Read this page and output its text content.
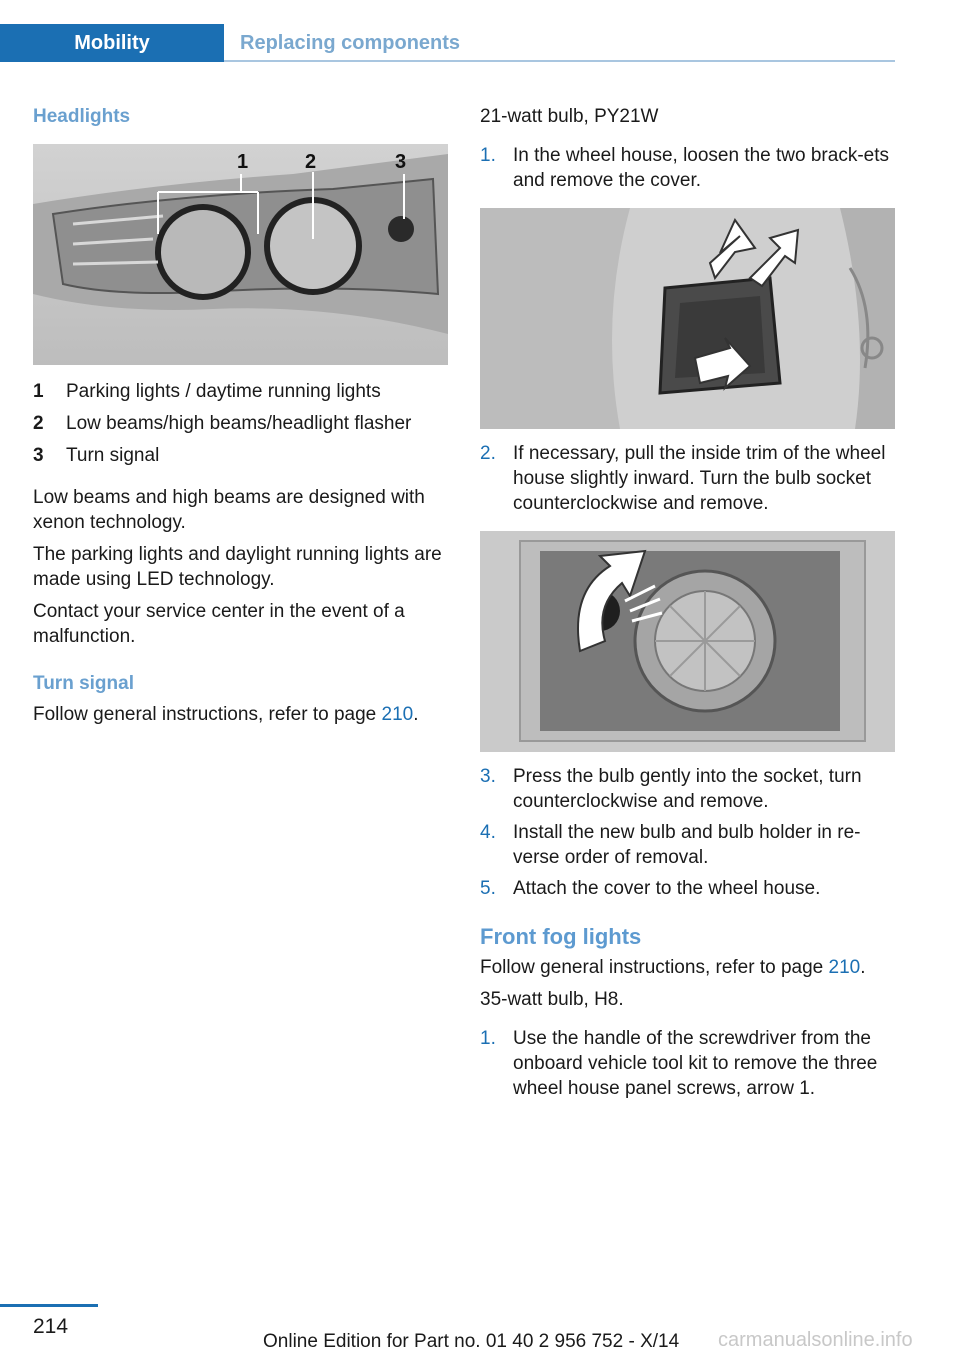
Mobility	Replacing components
Headlights
1	2	3
1	Parking lights / daytime running lights
2	Low beams/high beams/headlight flasher
3	Turn signal

Low beams and high beams are designed with xenon technology.

The parking lights and daylight running lights are made using LED technology.

Contact your service center in the event of a malfunction.

Turn signal

Follow general instructions, refer to page 210.

21-watt bulb, PY21W

1. In the wheel house, loosen the two brack‐ets and remove the cover.
2. If necessary, pull the inside trim of the wheel house slightly inward. Turn the bulb socket counterclockwise and remove.
3. Press the bulb gently into the socket, turn counterclockwise and remove.
4. Install the new bulb and bulb holder in re‐verse order of removal.
5. Attach the cover to the wheel house.
Front fog lights

Follow general instructions, refer to page 210.

35-watt bulb, H8.

1. Use the handle of the screwdriver from the onboard vehicle tool kit to remove the three wheel house panel screws, arrow 1.
214
Online Edition for Part no. 01 40 2 956 752 - X/14 carmanualsonline.info
